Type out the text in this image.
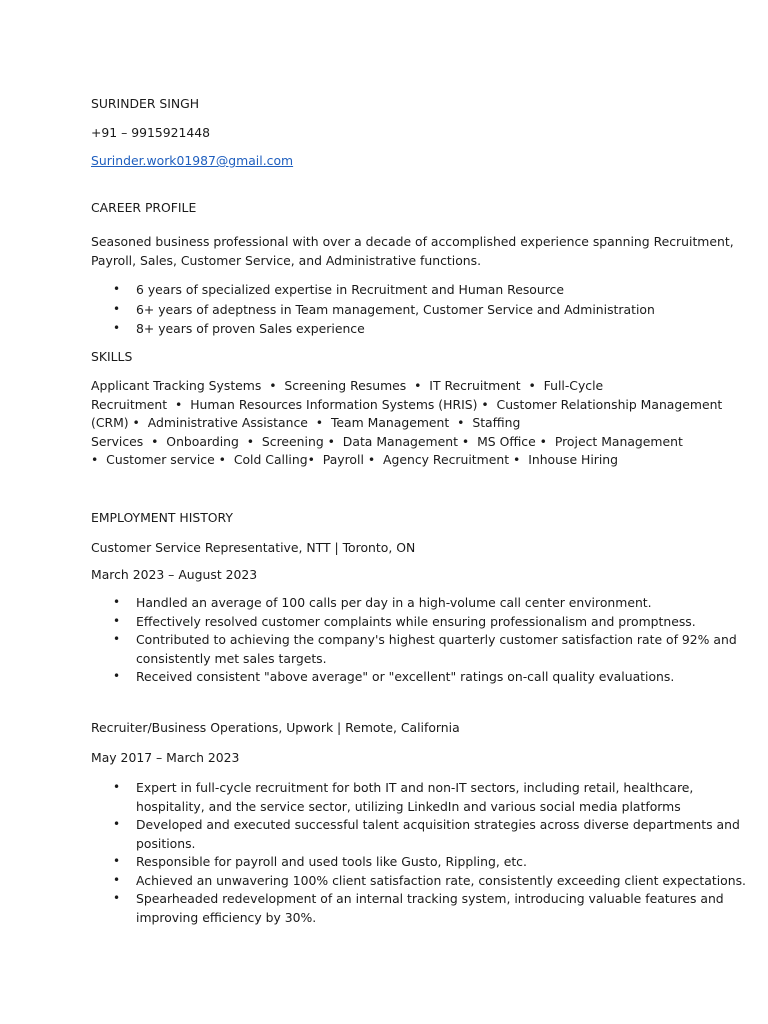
SURINDER SINGH

+91 – 9915921448

Surinder.work01987@gmail.com

CAREER PROFILE

Seasoned business professional with over a decade of accomplished experience spanning Recruitment,

Payroll, Sales, Customer Service, and Administrative functions.

• 6 years of specialized expertise in Recruitment and Human Resource
• 6+ years of adeptness in Team management, Customer Service and Administration
• 8+ years of proven Sales experience

SKILLS

Applicant Tracking Systems  •  Screening Resumes  •  IT Recruitment  •  Full-Cycle

Recruitment  •  Human Resources Information Systems (HRIS) •  Customer Relationship Management

(CRM) •  Administrative Assistance  •  Team Management  •  Staffing

Services  •  Onboarding  •  Screening •  Data Management •  MS Office •  Project Management

•  Customer service •  Cold Calling•  Payroll •  Agency Recruitment •  Inhouse Hiring

EMPLOYMENT HISTORY

Customer Service Representative, NTT | Toronto, ON

March 2023 – August 2023

• Handled an average of 100 calls per day in a high-volume call center environment.
• Effectively resolved customer complaints while ensuring professionalism and promptness.
• Contributed to achieving the company's highest quarterly customer satisfaction rate of 92% and
consistently met sales targets.
• Received consistent "above average" or "excellent" ratings on-call quality evaluations.

Recruiter/Business Operations, Upwork | Remote, California

May 2017 – March 2023

• Expert in full-cycle recruitment for both IT and non-IT sectors, including retail, healthcare,
hospitality, and the service sector, utilizing LinkedIn and various social media platforms
• Developed and executed successful talent acquisition strategies across diverse departments and
positions.
• Responsible for payroll and used tools like Gusto, Rippling, etc.
• Achieved an unwavering 100% client satisfaction rate, consistently exceeding client expectations.
• Spearheaded redevelopment of an internal tracking system, introducing valuable features and
improving efficiency by 30%.
